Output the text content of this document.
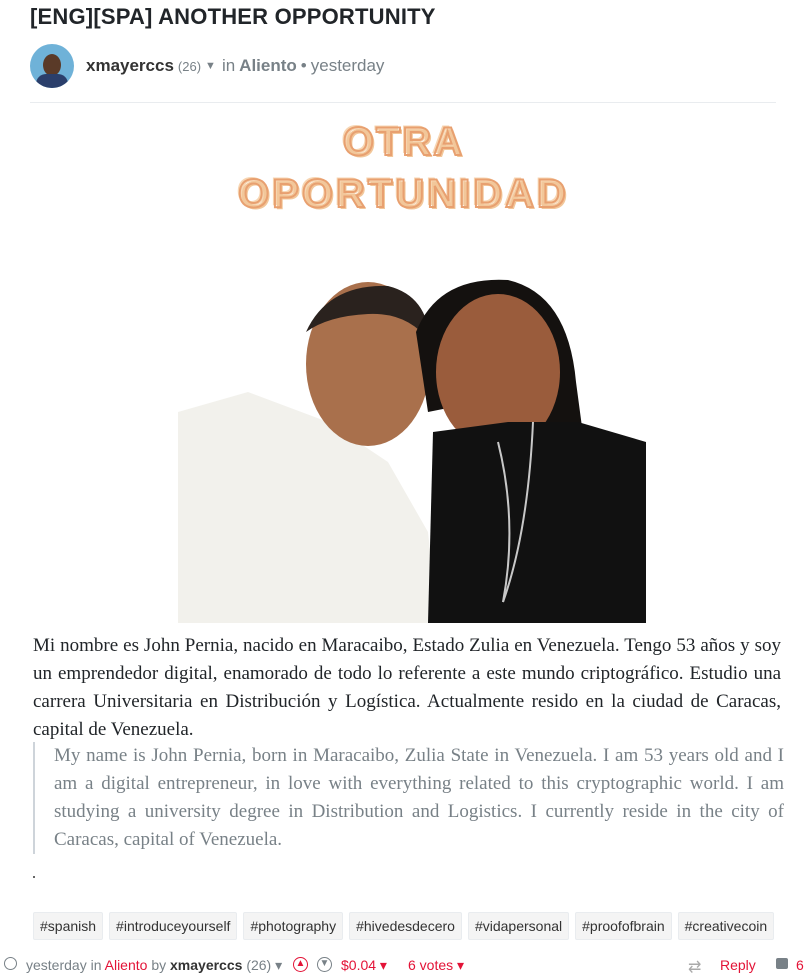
[ENG][SPA] ANOTHER OPPORTUNITY
xmayerccs (26) ▼ in Aliento • yesterday
OTRA
OPORTUNIDAD
Mi nombre es John Pernia, nacido en Maracaibo, Estado Zulia en Venezuela. Tengo 53 años y soy un emprendedor digital, enamorado de todo lo referente a este mundo criptográfico. Estudio una carrera Universitaria en Distribución y Logística. Actualmente resido en la ciudad de Caracas, capital de Venezuela.
My name is John Pernia, born in Maracaibo, Zulia State in Venezuela. I am 53 years old and I am a digital entrepreneur, in love with everything related to this cryptographic world. I am studying a university degree in Distribution and Logistics. I currently reside in the city of Caracas, capital of Venezuela.
#spanish	#introduceyourself	#photography	#hivedesdecero	#vidapersonal	#proofofbrain	#creativecoin
yesterday in Aliento by xmayerccs (26) ▾ ▲ ▼ $0.04 ▾ 6 votes ▾	⇄ Reply	6
